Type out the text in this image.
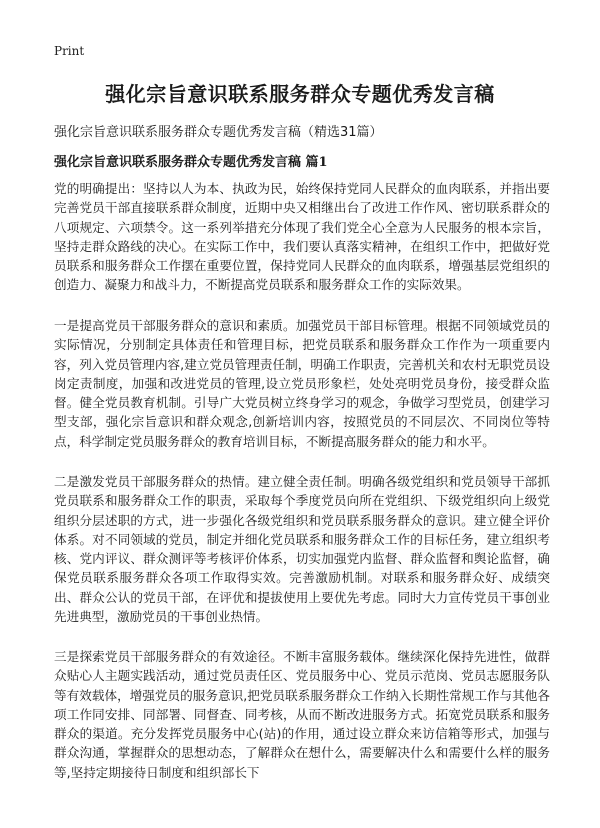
Print
强化宗旨意识联系服务群众专题优秀发言稿

强化宗旨意识联系服务群众专题优秀发言稿（精选31篇）

强化宗旨意识联系服务群众专题优秀发言稿 篇1

党的明确提出：坚持以人为本、执政为民，始终保持党同人民群众的血肉联系，并指出要完善党员干部直接联系群众制度，近期中央又相继出台了改进工作作风、密切联系群众的八项规定、六项禁令。这一系列举措充分体现了我们党全心全意为人民服务的根本宗旨，坚持走群众路线的决心。在实际工作中，我们要认真落实精神，在组织工作中，把做好党员联系和服务群众工作摆在重要位置，保持党同人民群众的血肉联系，增强基层党组织的创造力、凝聚力和战斗力，不断提高党员联系和服务群众工作的实际效果。

一是提高党员干部服务群众的意识和素质。加强党员干部目标管理。根据不同领域党员的实际情况，分别制定具体责任和管理目标，把党员联系和服务群众工作作为一项重要内容，列入党员管理内容,建立党员管理责任制，明确工作职责，完善机关和农村无职党员设岗定责制度，加强和改进党员的管理,设立党员形象栏，处处亮明党员身份，接受群众监督。健全党员教育机制。引导广大党员树立终身学习的观念，争做学习型党员，创建学习型支部，强化宗旨意识和群众观念,创新培训内容，按照党员的不同层次、不同岗位等特点，科学制定党员服务群众的教育培训目标，不断提高服务群众的能力和水平。

二是激发党员干部服务群众的热情。建立健全责任制。明确各级党组织和党员领导干部抓党员联系和服务群众工作的职责，采取每个季度党员向所在党组织、下级党组织向上级党组织分层述职的方式，进一步强化各级党组织和党员联系服务群众的意识。建立健全评价体系。对不同领域的党员，制定并细化党员联系和服务群众工作的目标任务，建立组织考核、党内评议、群众测评等考核评价体系，切实加强党内监督、群众监督和舆论监督，确保党员联系服务群众各项工作取得实效。完善激励机制。对联系和服务群众好、成绩突出、群众公认的党员干部，在评优和提拔使用上要优先考虑。同时大力宣传党员干事创业先进典型，激励党员的干事创业热情。

三是探索党员干部服务群众的有效途径。不断丰富服务载体。继续深化保持先进性，做群众贴心人主题实践活动，通过党员责任区、党员服务中心、党员示范岗、党员志愿服务队等有效载体，增强党员的服务意识,把党员联系服务群众工作纳入长期性常规工作与其他各项工作同安排、同部署、同督查、同考核，从而不断改进服务方式。拓宽党员联系和服务群众的渠道。充分发挥党员服务中心(站)的作用，通过设立群众来访信箱等形式，加强与群众沟通，掌握群众的思想动态，了解群众在想什么，需要解决什么和需要什么样的服务等,坚持定期接待日制度和组织部长下
